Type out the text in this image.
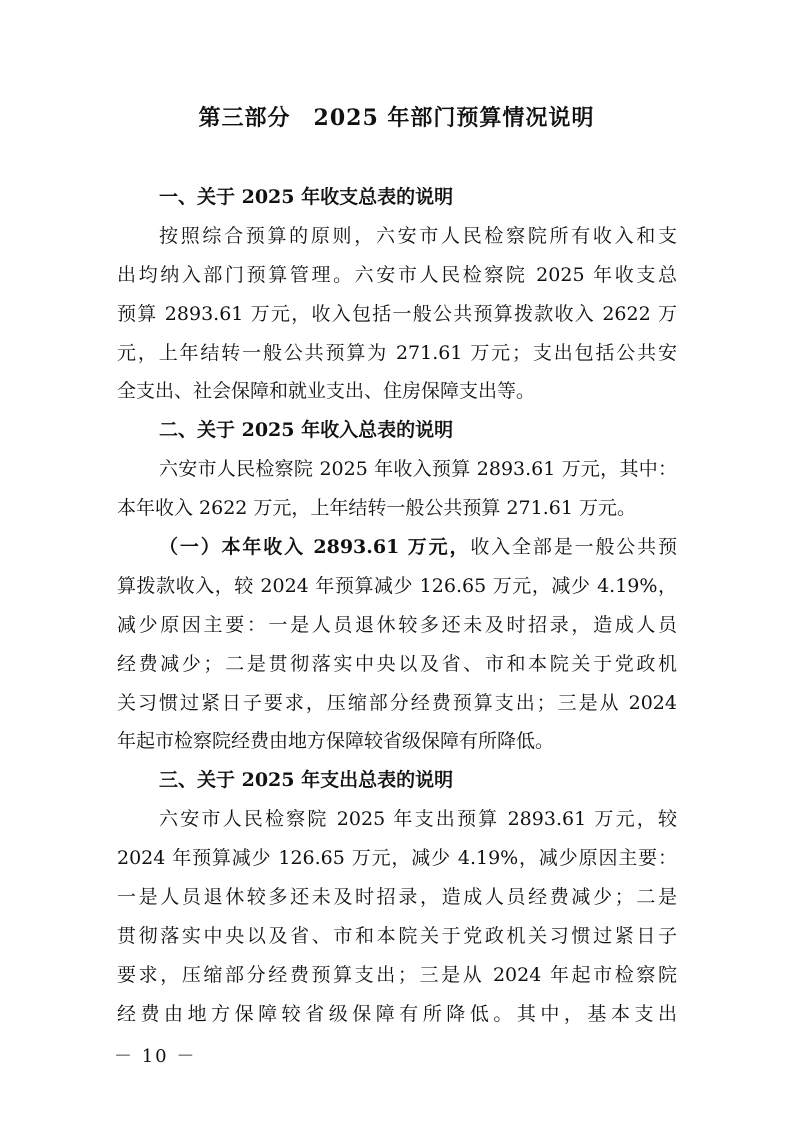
第三部分　2025 年部门预算情况说明
一、关于 2025 年收支总表的说明
按照综合预算的原则，六安市人民检察院所有收入和支
出均纳入部门预算管理。六安市人民检察院 2025 年收支总
预算 2893.61 万元，收入包括一般公共预算拨款收入 2622 万
元，上年结转一般公共预算为 271.61 万元；支出包括公共安
全支出、社会保障和就业支出、住房保障支出等。
二、关于 2025 年收入总表的说明
六安市人民检察院 2025 年收入预算 2893.61 万元，其中：
本年收入 2622 万元，上年结转一般公共预算 271.61 万元。
（一）本年收入 2893.61 万元，收入全部是一般公共预
算拨款收入，较 2024 年预算减少 126.65 万元，减少 4.19%，
减少原因主要：一是人员退休较多还未及时招录，造成人员
经费减少；二是贯彻落实中央以及省、市和本院关于党政机
关习惯过紧日子要求，压缩部分经费预算支出；三是从 2024
年起市检察院经费由地方保障较省级保障有所降低。
三、关于 2025 年支出总表的说明
六安市人民检察院 2025 年支出预算 2893.61 万元，较
2024 年预算减少 126.65 万元，减少 4.19%，减少原因主要：
一是人员退休较多还未及时招录，造成人员经费减少；二是
贯彻落实中央以及省、市和本院关于党政机关习惯过紧日子
要求，压缩部分经费预算支出；三是从 2024 年起市检察院
经费由地方保障较省级保障有所降低。其中，基本支出
－ 10 －
